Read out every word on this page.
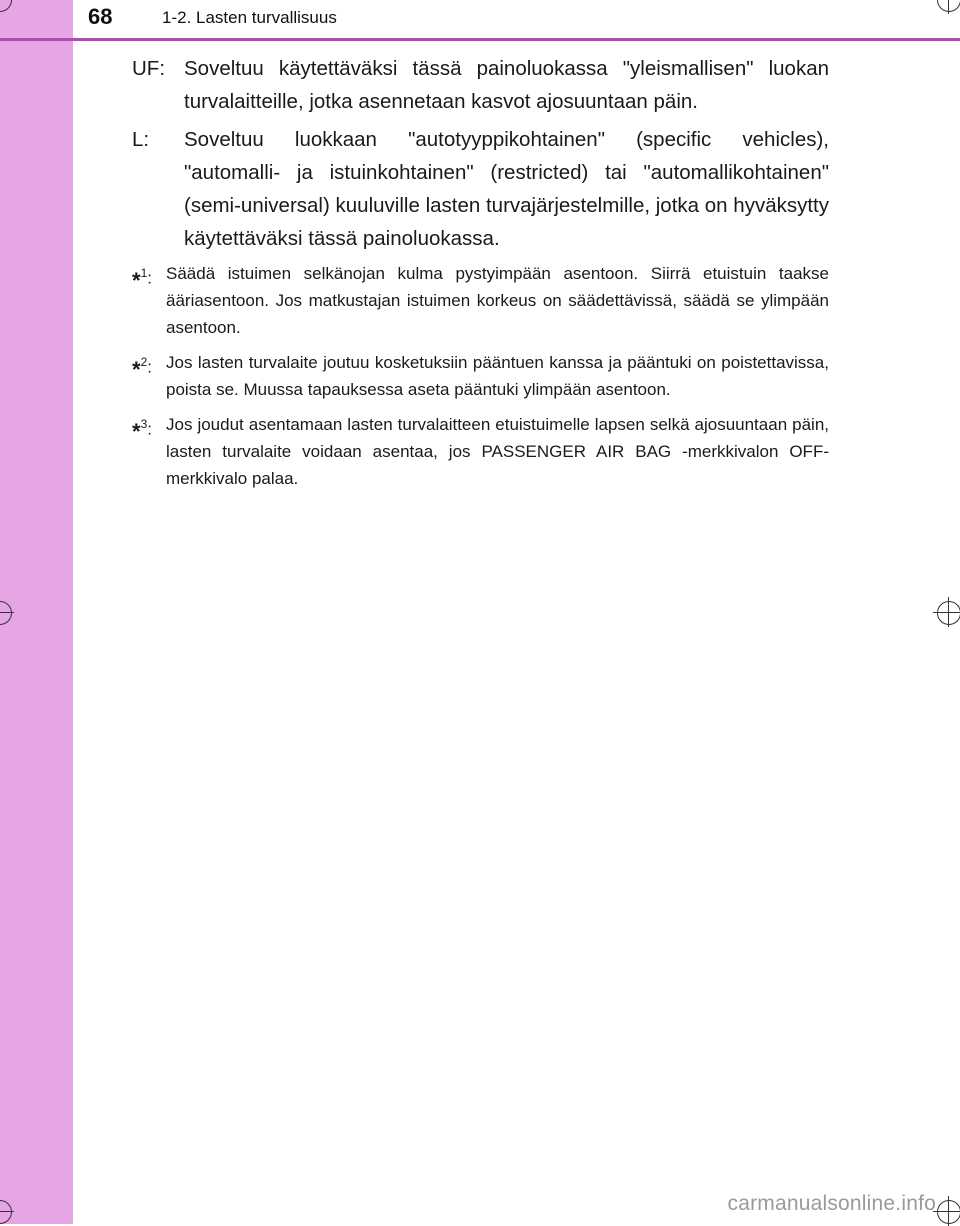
68	1-2. Lasten turvallisuus
UF: Soveltuu käytettäväksi tässä painoluokassa "yleismallisen" luokan turvalaitteille, jotka asennetaan kasvot ajosuuntaan päin.
L:	Soveltuu luokkaan "autotyyppikohtainen" (specific vehicles), "automalli- ja istuinkohtainen" (restricted) tai "automallikohtainen" (semi-universal) kuuluville lasten turvajärjestelmille, jotka on hyväksytty käytettäväksi tässä painoluokassa.
*$^1$: Säädä istuimen selkänojan kulma pystyimpään asentoon. Siirrä etuistuin taakse ääriasentoon. Jos matkustajan istuimen korkeus on säädettävissä, säädä se ylimpään asentoon.
*$^2$: Jos lasten turvalaite joutuu kosketuksiin pääntuen kanssa ja pääntuki on poistettavissa, poista se. Muussa tapauksessa aseta pääntuki ylimpään asentoon.
*$^3$: Jos joudut asentamaan lasten turvalaitteen etuistuimelle lapsen selkä ajosuuntaan päin, lasten turvalaite voidaan asentaa, jos PASSENGER AIR BAG -merkkivalon OFF-merkkivalo palaa.
carmanualsonline.info
